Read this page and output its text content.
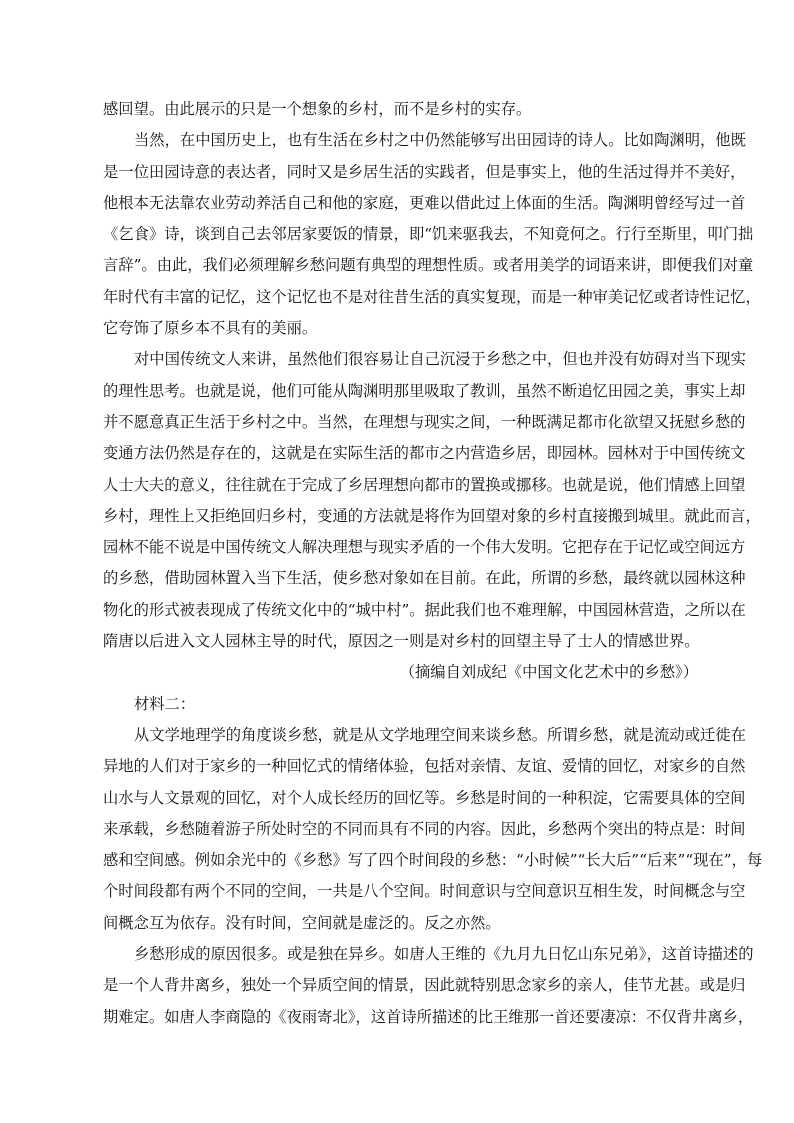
感回望。由此展示的只是一个想象的乡村，而不是乡村的实存。
当然，在中国历史上，也有生活在乡村之中仍然能够写出田园诗的诗人。比如陶渊明，他既
是一位田园诗意的表达者，同时又是乡居生活的实践者，但是事实上，他的生活过得并不美好，
他根本无法靠农业劳动养活自己和他的家庭，更难以借此过上体面的生活。陶渊明曾经写过一首
《乞食》诗，谈到自己去邻居家要饭的情景，即“饥来驱我去，不知竟何之。行行至斯里，叩门拙
言辞”。由此，我们必须理解乡愁问题有典型的理想性质。或者用美学的词语来讲，即便我们对童
年时代有丰富的记忆，这个记忆也不是对往昔生活的真实复现，而是一种审美记忆或者诗性记忆，
它夸饰了原乡本不具有的美丽。
对中国传统文人来讲，虽然他们很容易让自己沉浸于乡愁之中，但也并没有妨碍对当下现实
的理性思考。也就是说，他们可能从陶渊明那里吸取了教训，虽然不断追忆田园之美，事实上却
并不愿意真正生活于乡村之中。当然，在理想与现实之间，一种既满足都市化欲望又抚慰乡愁的
变通方法仍然是存在的，这就是在实际生活的都市之内营造乡居，即园林。园林对于中国传统文
人士大夫的意义，往往就在于完成了乡居理想向都市的置换或挪移。也就是说，他们情感上回望
乡村，理性上又拒绝回归乡村，变通的方法就是将作为回望对象的乡村直接搬到城里。就此而言，
园林不能不说是中国传统文人解决理想与现实矛盾的一个伟大发明。它把存在于记忆或空间远方
的乡愁，借助园林置入当下生活，使乡愁对象如在目前。在此，所谓的乡愁，最终就以园林这种
物化的形式被表现成了传统文化中的“城中村”。据此我们也不难理解，中国园林营造，之所以在
隋唐以后进入文人园林主导的时代，原因之一则是对乡村的回望主导了士人的情感世界。
（摘编自刘成纪《中国文化艺术中的乡愁》）
材料二：
从文学地理学的角度谈乡愁，就是从文学地理空间来谈乡愁。所谓乡愁，就是流动或迁徙在
异地的人们对于家乡的一种回忆式的情绪体验，包括对亲情、友谊、爱情的回忆，对家乡的自然
山水与人文景观的回忆，对个人成长经历的回忆等。乡愁是时间的一种积淀，它需要具体的空间
来承载，乡愁随着游子所处时空的不同而具有不同的内容。因此，乡愁两个突出的特点是：时间
感和空间感。例如余光中的《乡愁》写了四个时间段的乡愁：“小时候”“长大后”“后来”“现在”，每
个时间段都有两个不同的空间，一共是八个空间。时间意识与空间意识互相生发，时间概念与空
间概念互为依存。没有时间，空间就是虚泛的。反之亦然。
乡愁形成的原因很多。或是独在异乡。如唐人王维的《九月九日忆山东兄弟》，这首诗描述的
是一个人背井离乡，独处一个异质空间的情景，因此就特别思念家乡的亲人，佳节尤甚。或是归
期难定。如唐人李商隐的《夜雨寄北》，这首诗所描述的比王维那一首还要凄凉：不仅背井离乡，
